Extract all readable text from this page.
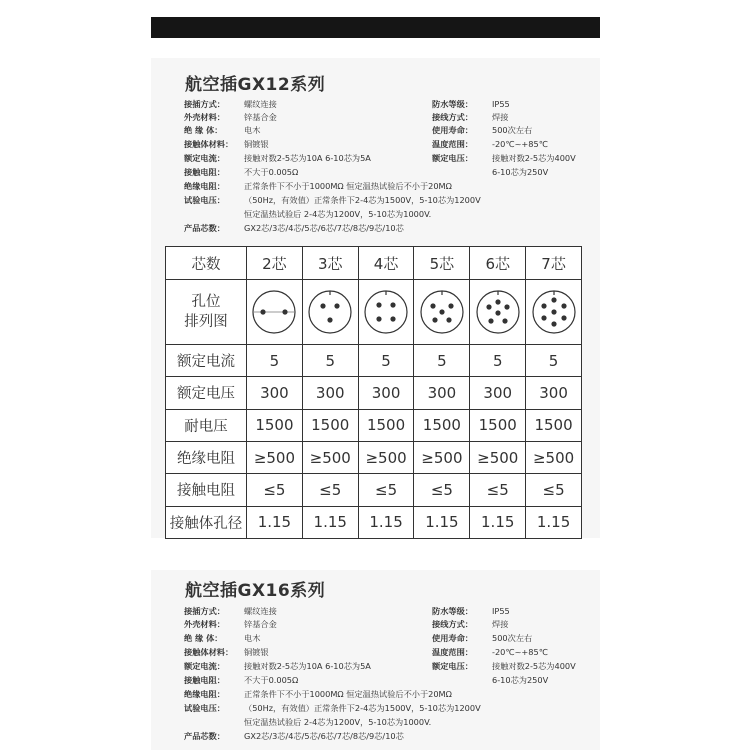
航空插GX12系列
接插方式： 螺纹连接
外壳材料： 锌基合金
绝 缘 体：	电木
接触体材料： 铜镀银
额定电流： 接触对数2-5芯为10A 6-10芯为5A
接触电阻： 不大于0.005Ω
绝缘电阻： 正常条件下不小于1000MΩ 恒定温热试验后不小于20MΩ
试验电压： （50Hz，有效值）正常条件下2-4芯为1500V，5-10芯为1200V
恒定温热试验后 2-4芯为1200V，5-10芯为1000V.
产品芯数： GX2芯/3芯/4芯/5芯/6芯/7芯/8芯/9芯/10芯
防水等级： IP55
接线方式： 焊接
使用寿命： 500次左右
温度范围： -20℃~+85℃
额定电压： 接触对数2-5芯为400V
6-10芯为250V
芯数	2芯	3芯	4芯	5芯	6芯	7芯

孔位
排列图

额定电流	5	5	5	5	5	5
额定电压	300	300	300	300	300	300
耐电压	1500	1500	1500	1500	1500	1500
绝缘电阻	≥500	≥500	≥500	≥500	≥500	≥500
接触电阻	≤5	≤5	≤5	≤5	≤5	≤5
接触体孔径	1.15	1.15	1.15	1.15	1.15	1.15
航空插GX16系列
接插方式： 螺纹连接
外壳材料： 锌基合金
绝 缘 体：	电木
接触体材料： 铜镀银
额定电流： 接触对数2-5芯为10A 6-10芯为5A
接触电阻： 不大于0.005Ω
绝缘电阻： 正常条件下不小于1000MΩ 恒定温热试验后不小于20MΩ
试验电压： （50Hz，有效值）正常条件下2-4芯为1500V，5-10芯为1200V
恒定温热试验后 2-4芯为1200V，5-10芯为1000V.
产品芯数： GX2芯/3芯/4芯/5芯/6芯/7芯/8芯/9芯/10芯
防水等级： IP55
接线方式： 焊接
使用寿命： 500次左右
温度范围： -20℃~+85℃
额定电压： 接触对数2-5芯为400V
6-10芯为250V
